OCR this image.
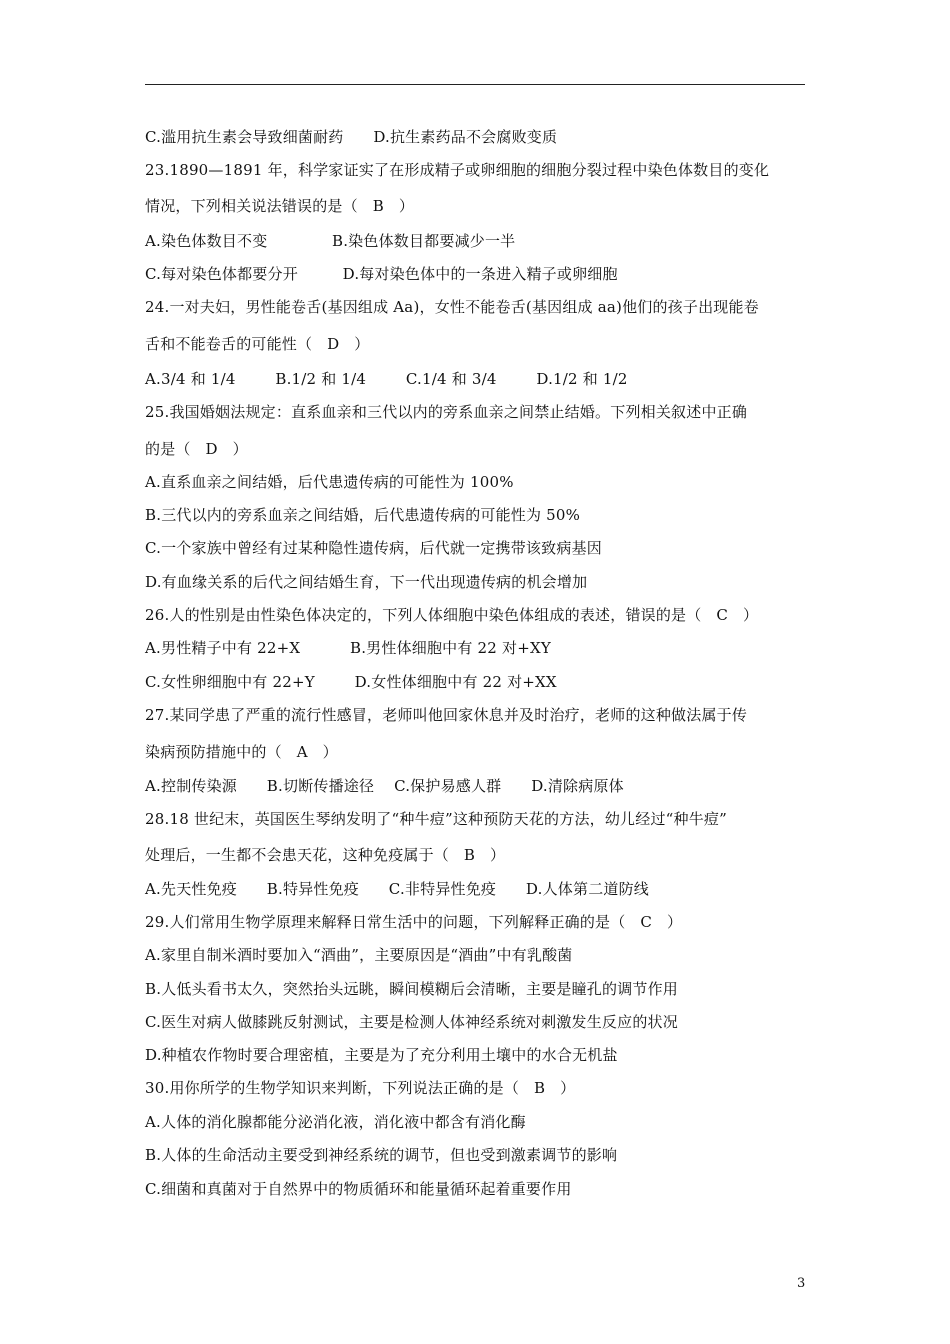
C.滥用抗生素会导致细菌耐药      D.抗生素药品不会腐败变质
23.1890—1891 年，科学家证实了在形成精子或卵细胞的细胞分裂过程中染色体数目的变化
情况，下列相关说法错误的是（   B   ）
A.染色体数目不变             B.染色体数目都要减少一半
C.每对染色体都要分开         D.每对染色体中的一条进入精子或卵细胞
24.一对夫妇，男性能卷舌(基因组成 Aa)，女性不能卷舌(基因组成 aa)他们的孩子出现能卷
舌和不能卷舌的可能性（   D   ）
A.3/4 和 1/4        B.1/2 和 1/4        C.1/4 和 3/4        D.1/2 和 1/2
25.我国婚姻法规定：直系血亲和三代以内的旁系血亲之间禁止结婚。下列相关叙述中正确
的是（   D   ）
A.直系血亲之间结婚，后代患遗传病的可能性为 100%
B.三代以内的旁系血亲之间结婚，后代患遗传病的可能性为 50%
C.一个家族中曾经有过某种隐性遗传病，后代就一定携带该致病基因
D.有血缘关系的后代之间结婚生育，下一代出现遗传病的机会增加
26.人的性别是由性染色体决定的，下列人体细胞中染色体组成的表述，错误的是（   C   ）
A.男性精子中有 22+X          B.男性体细胞中有 22 对+XY
C.女性卵细胞中有 22+Y        D.女性体细胞中有 22 对+XX
27.某同学患了严重的流行性感冒，老师叫他回家休息并及时治疗，老师的这种做法属于传
染病预防措施中的（   A   ）
A.控制传染源      B.切断传播途径    C.保护易感人群      D.清除病原体
28.18 世纪末，英国医生琴纳发明了“种牛痘”这种预防天花的方法，幼儿经过“种牛痘”
处理后，一生都不会患天花，这种免疫属于（   B   ）
A.先天性免疫      B.特异性免疫      C.非特异性免疫      D.人体第二道防线
29.人们常用生物学原理来解释日常生活中的问题，下列解释正确的是（   C   ）
A.家里自制米酒时要加入“酒曲”，主要原因是“酒曲”中有乳酸菌
B.人低头看书太久，突然抬头远眺，瞬间模糊后会清晰，主要是瞳孔的调节作用
C.医生对病人做膝跳反射测试，主要是检测人体神经系统对刺激发生反应的状况
D.种植农作物时要合理密植，主要是为了充分利用土壤中的水合无机盐
30.用你所学的生物学知识来判断，下列说法正确的是（   B   ）
A.人体的消化腺都能分泌消化液，消化液中都含有消化酶
B.人体的生命活动主要受到神经系统的调节，但也受到激素调节的影响
C.细菌和真菌对于自然界中的物质循环和能量循环起着重要作用
3
